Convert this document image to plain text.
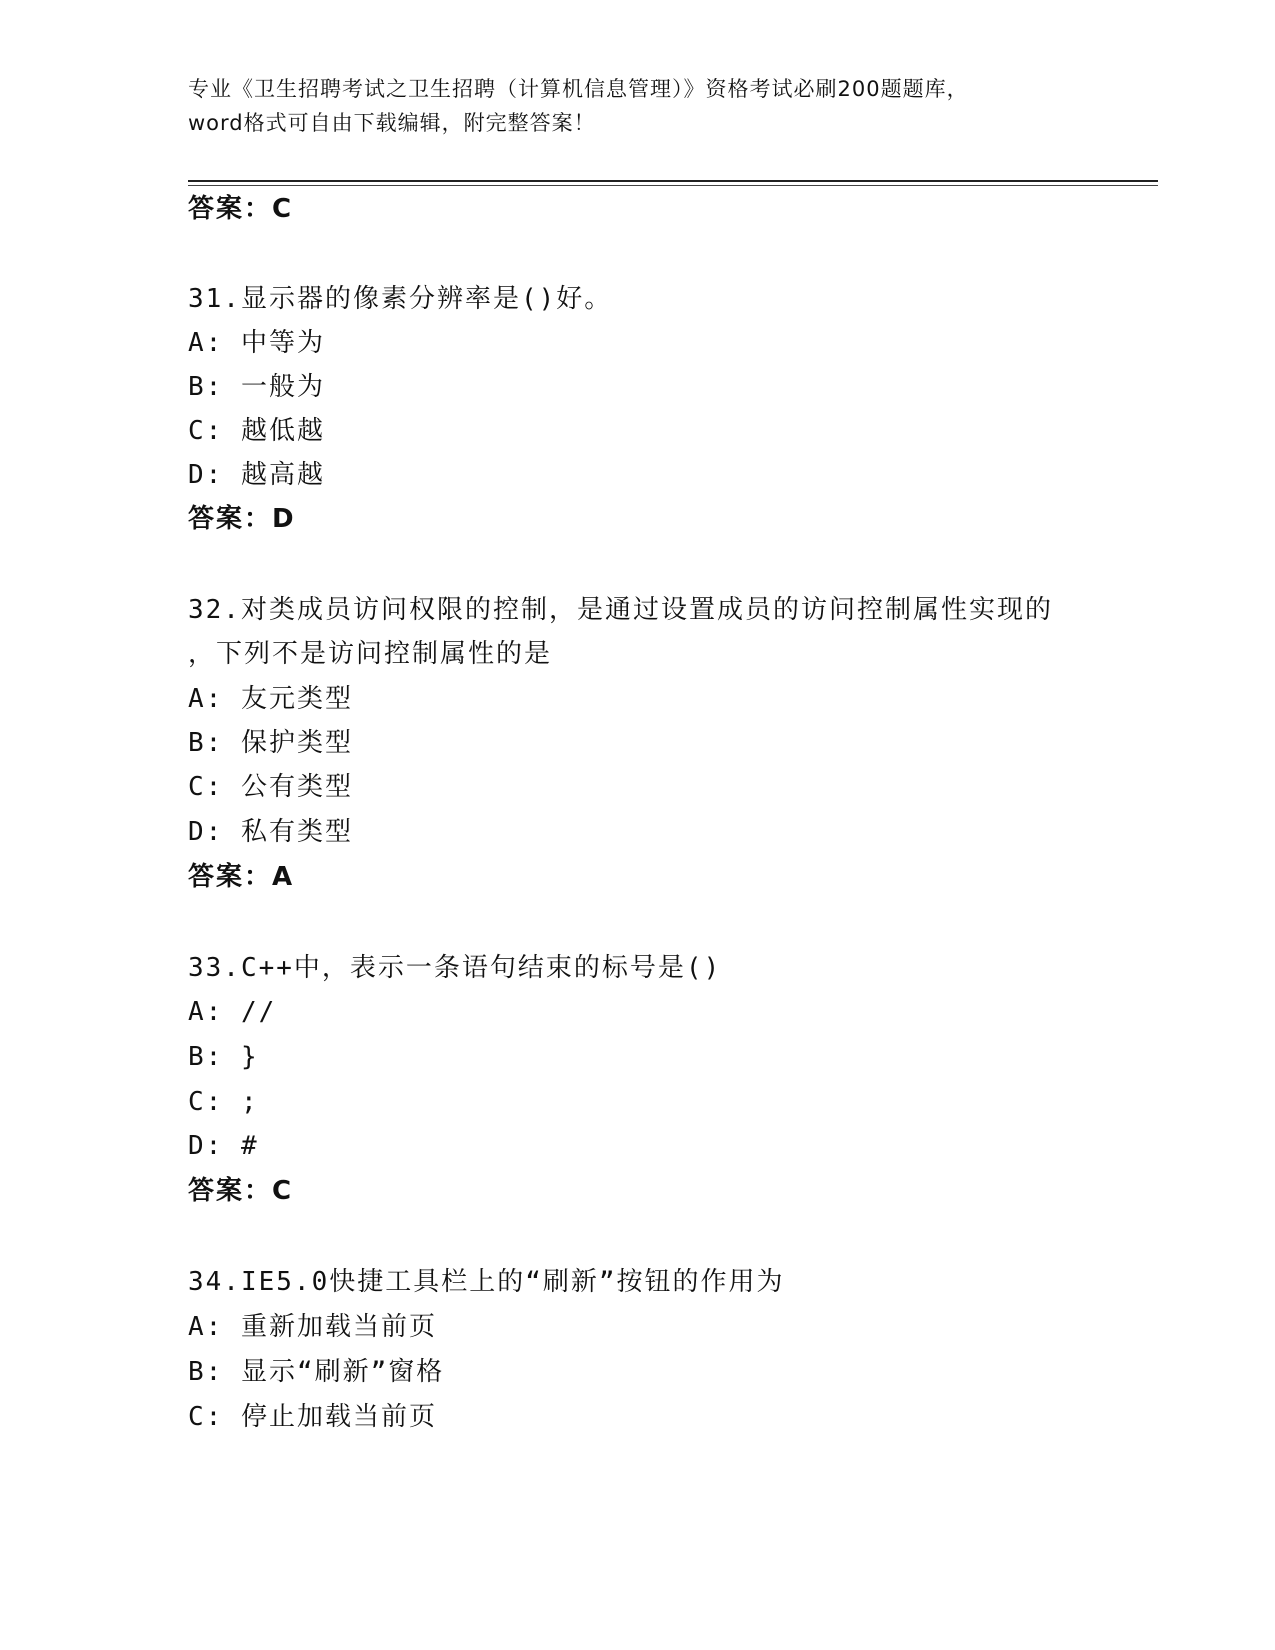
专业《卫生招聘考试之卫生招聘（计算机信息管理）》资格考试必刷200题题库，
word格式可自由下载编辑，附完整答案！
答案：C
31.显示器的像素分辨率是()好。
A: 中等为
B: 一般为
C: 越低越
D: 越高越
答案：D
32.对类成员访问权限的控制，是通过设置成员的访问控制属性实现的
，下列不是访问控制属性的是
A: 友元类型
B: 保护类型
C: 公有类型
D: 私有类型
答案：A
33.C++中，表示一条语句结束的标号是()
A: //
B: }
C: ;
D: #
答案：C
34.IE5.0快捷工具栏上的“刷新”按钮的作用为
A: 重新加载当前页
B: 显示“刷新”窗格
C: 停止加载当前页
